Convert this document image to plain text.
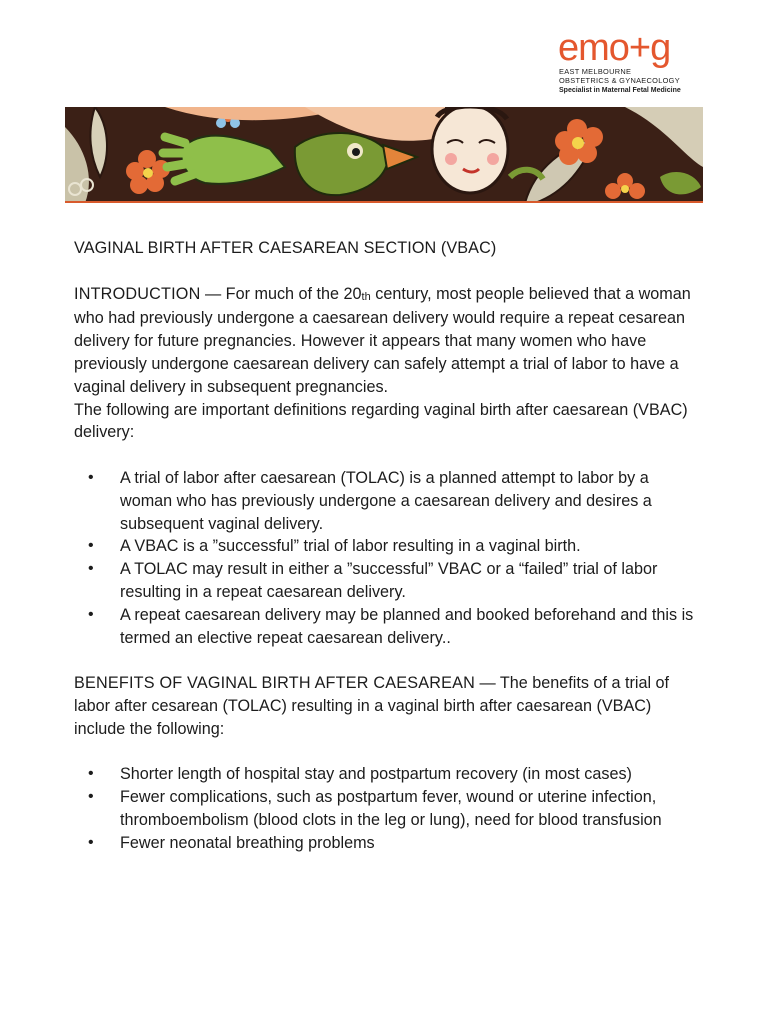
emo+g
EAST MELBOURNE
OBSTETRICS & GYNAECOLOGY
Specialist in Maternal Fetal Medicine
VAGINAL BIRTH AFTER CAESAREAN SECTION (VBAC)

INTRODUCTION — For much of the $20_{th}$ century, most people believed that a woman who had previously undergone a caesarean delivery would require a repeat cesarean delivery for future pregnancies. However it appears that many women who have previously undergone caesarean delivery can safely attempt a trial of labor to have a vaginal delivery in subsequent pregnancies.

The following are important definitions regarding vaginal birth after caesarean (VBAC) delivery:

• A trial of labor after caesarean (TOLAC) is a planned attempt to labor by a woman who has previously undergone a caesarean delivery and desires a subsequent vaginal delivery.
• A VBAC is a ”successful” trial of labor resulting in a vaginal birth.
• A TOLAC may result in either a ”successful” VBAC or a “failed” trial of labor resulting in a repeat caesarean delivery.
• A repeat caesarean delivery may be planned and booked beforehand and this is termed an elective repeat caesarean delivery..

BENEFITS OF VAGINAL BIRTH AFTER CAESAREAN — The benefits of a trial of labor after cesarean (TOLAC) resulting in a vaginal birth after caesarean (VBAC) include the following:

• Shorter length of hospital stay and postpartum recovery (in most cases)
• Fewer complications, such as postpartum fever, wound or uterine infection, thromboembolism (blood clots in the leg or lung), need for blood transfusion
• Fewer neonatal breathing problems
